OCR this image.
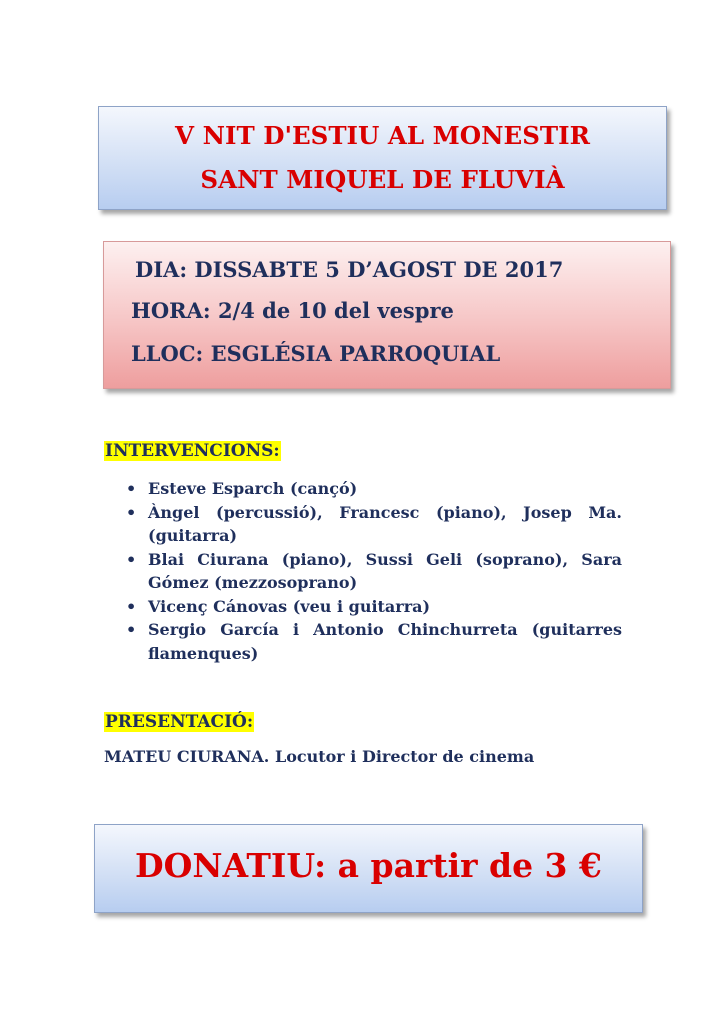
V NIT D'ESTIU AL MONESTIR
SANT MIQUEL DE FLUVIÀ
DIA: DISSABTE 5 D’AGOST DE 2017
HORA: 2/4 de 10 del vespre
LLOC: ESGLÉSIA PARROQUIAL
INTERVENCIONS:
• Esteve Esparch (cançó)
• Àngel (percussió), Francesc (piano), Josep Ma. (guitarra)
• Blai Ciurana (piano), Sussi Geli (soprano), Sara Gómez (mezzosoprano)
• Vicenç Cánovas (veu i guitarra)
• Sergio García i Antonio Chinchurreta (guitarres flamenques)
PRESENTACIÓ:
MATEU CIURANA. Locutor i Director de cinema
DONATIU: a partir de 3 €
